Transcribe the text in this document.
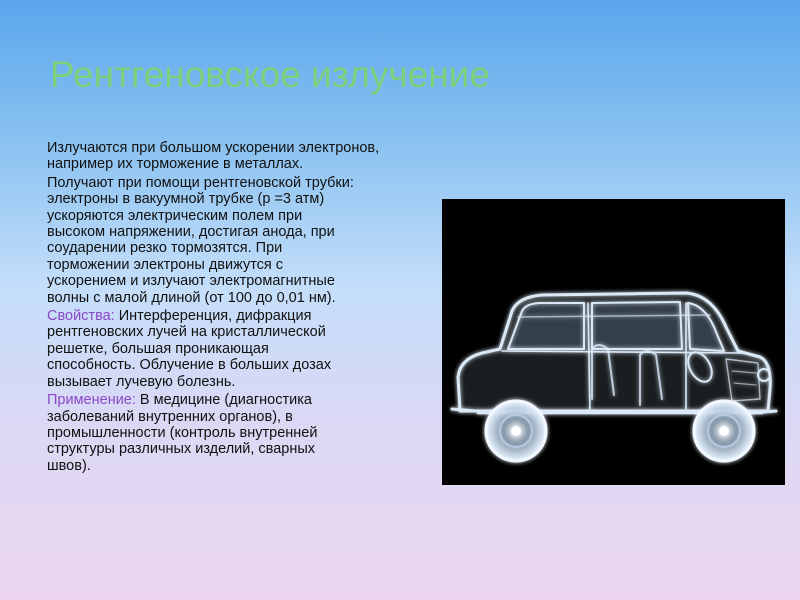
Рентгеновское излучение

Излучаются при большом ускорении электронов,
например их торможение в металлах.

Получают при помощи рентгеновской трубки:
электроны в вакуумной трубке (p =3 атм)
ускоряются электрическим полем при
высоком напряжении, достигая анода, при
соударении резко тормозятся. При
торможении электроны движутся с
ускорением и излучают электромагнитные
волны с малой длиной (от 100 до 0,01 нм).

Свойства: Интерференция, дифракция
рентгеновских лучей на кристаллической
решетке, большая проникающая
способность. Облучение в больших дозах
вызывает лучевую болезнь.

Применение: В медицине (диагностика
заболеваний внутренних органов), в
промышленности (контроль внутренней
структуры различных изделий, сварных
швов).
